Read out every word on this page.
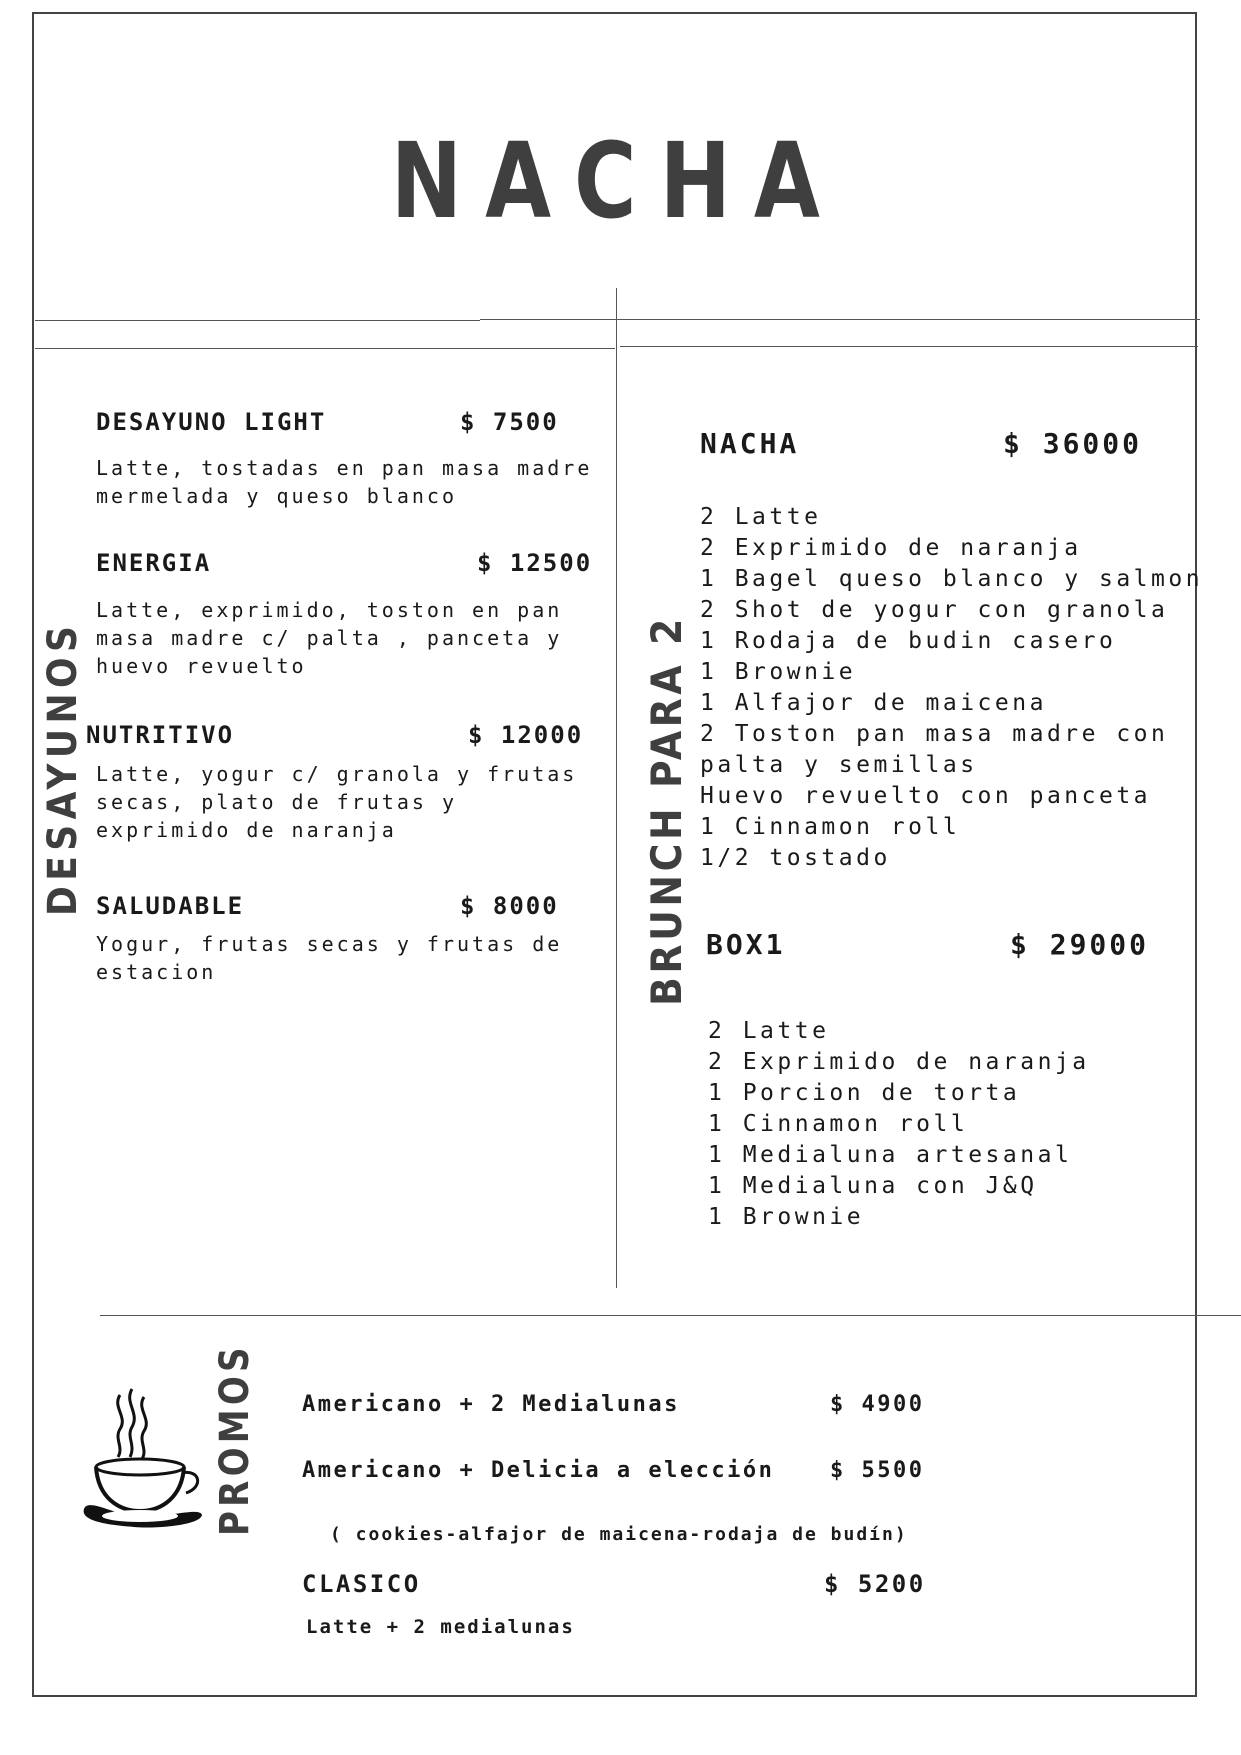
NACHA
DESAYUNOS
DESAYUNO LIGHT	$ 7500
Latte, tostadas en pan masa madre
mermelada y queso blanco
ENERGIA	$ 12500
Latte, exprimido, toston en pan
masa madre c/ palta , panceta y
huevo revuelto
NUTRITIVO	$ 12000
Latte, yogur c/ granola y frutas
secas, plato de frutas y
exprimido de naranja
SALUDABLE	$ 8000
Yogur, frutas secas y frutas de
estacion	BRUNCH PARA 2
NACHA	$ 36000
2 Latte
2 Exprimido de naranja
1 Bagel queso blanco y salmon
2 Shot de yogur con granola
1 Rodaja de budin casero
1 Brownie
1 Alfajor de maicena
2 Toston pan masa madre con
palta y semillas
Huevo revuelto con panceta
1 Cinnamon roll
1/2 tostado
BOX1	$ 29000
2 Latte
2 Exprimido de naranja
1 Porcion de torta
1 Cinnamon roll
1 Medialuna artesanal
1 Medialuna con J&Q
1 Brownie
PROMOS Americano + 2 Medialunas	$ 4900
Americano + Delicia a elección	$ 5500
( cookies-alfajor de maicena-rodaja de budín)
CLASICO	$ 5200
Latte + 2 medialunas
